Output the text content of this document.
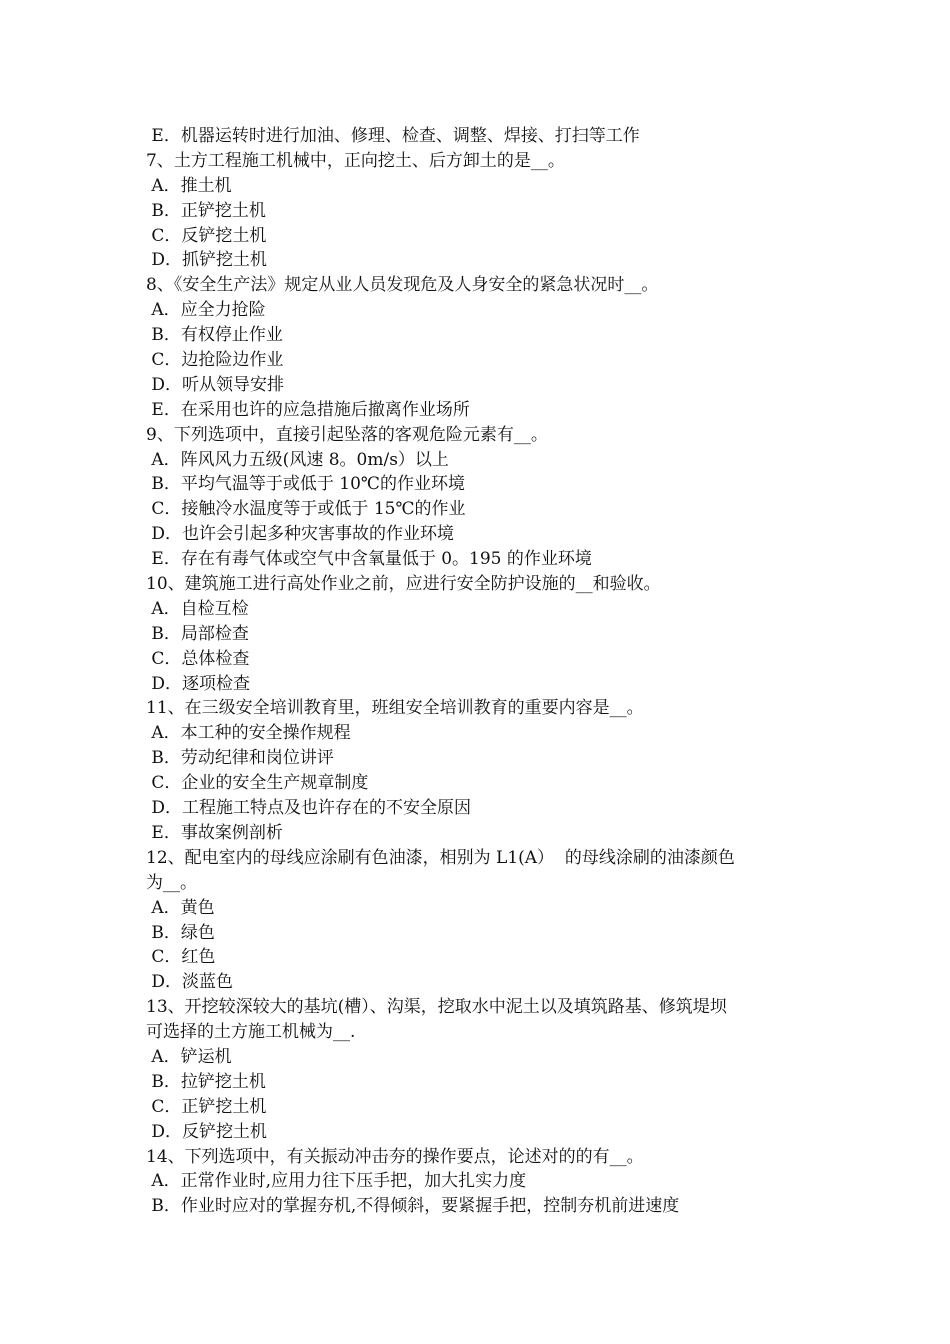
E．机器运转时进行加油、修理、检查、调整、焊接、打扫等工作
7、土方工程施工机械中，正向挖土、后方卸土的是__。
A．推土机
B．正铲挖土机
C．反铲挖土机
D．抓铲挖土机
8、《安全生产法》规定从业人员发现危及人身安全的紧急状况时__。
A．应全力抢险
B．有权停止作业
C．边抢险边作业
D．听从领导安排
E．在采用也许的应急措施后撤离作业场所
9、下列选项中，直接引起坠落的客观危险元素有__。
A．阵风风力五级(风速 8。0m/s）以上
B．平均气温等于或低于 10℃的作业环境
C．接触冷水温度等于或低于 15℃的作业
D．也许会引起多种灾害事故的作业环境
E．存在有毒气体或空气中含氧量低于 0。195 的作业环境
10、建筑施工进行高处作业之前，应进行安全防护设施的__和验收。
A．自检互检
B．局部检查
C．总体检查
D．逐项检查
11、在三级安全培训教育里，班组安全培训教育的重要内容是__。
A．本工种的安全操作规程
B．劳动纪律和岗位讲评
C．企业的安全生产规章制度
D．工程施工特点及也许存在的不安全原因
E．事故案例剖析
12、配电室内的母线应涂刷有色油漆，相别为 L1(A）  的母线涂刷的油漆颜色
为__。
A．黄色
B．绿色
C．红色
D．淡蓝色
13、开挖较深较大的基坑(槽）、沟渠，挖取水中泥土以及填筑路基、修筑堤坝
可选择的土方施工机械为__.
A．铲运机
B．拉铲挖土机
C．正铲挖土机
D．反铲挖土机
14、下列选项中，有关振动冲击夯的操作要点，论述对的的有__。
A．正常作业时,应用力往下压手把，加大扎实力度
B．作业时应对的掌握夯机,不得倾斜，要紧握手把，控制夯机前进速度
